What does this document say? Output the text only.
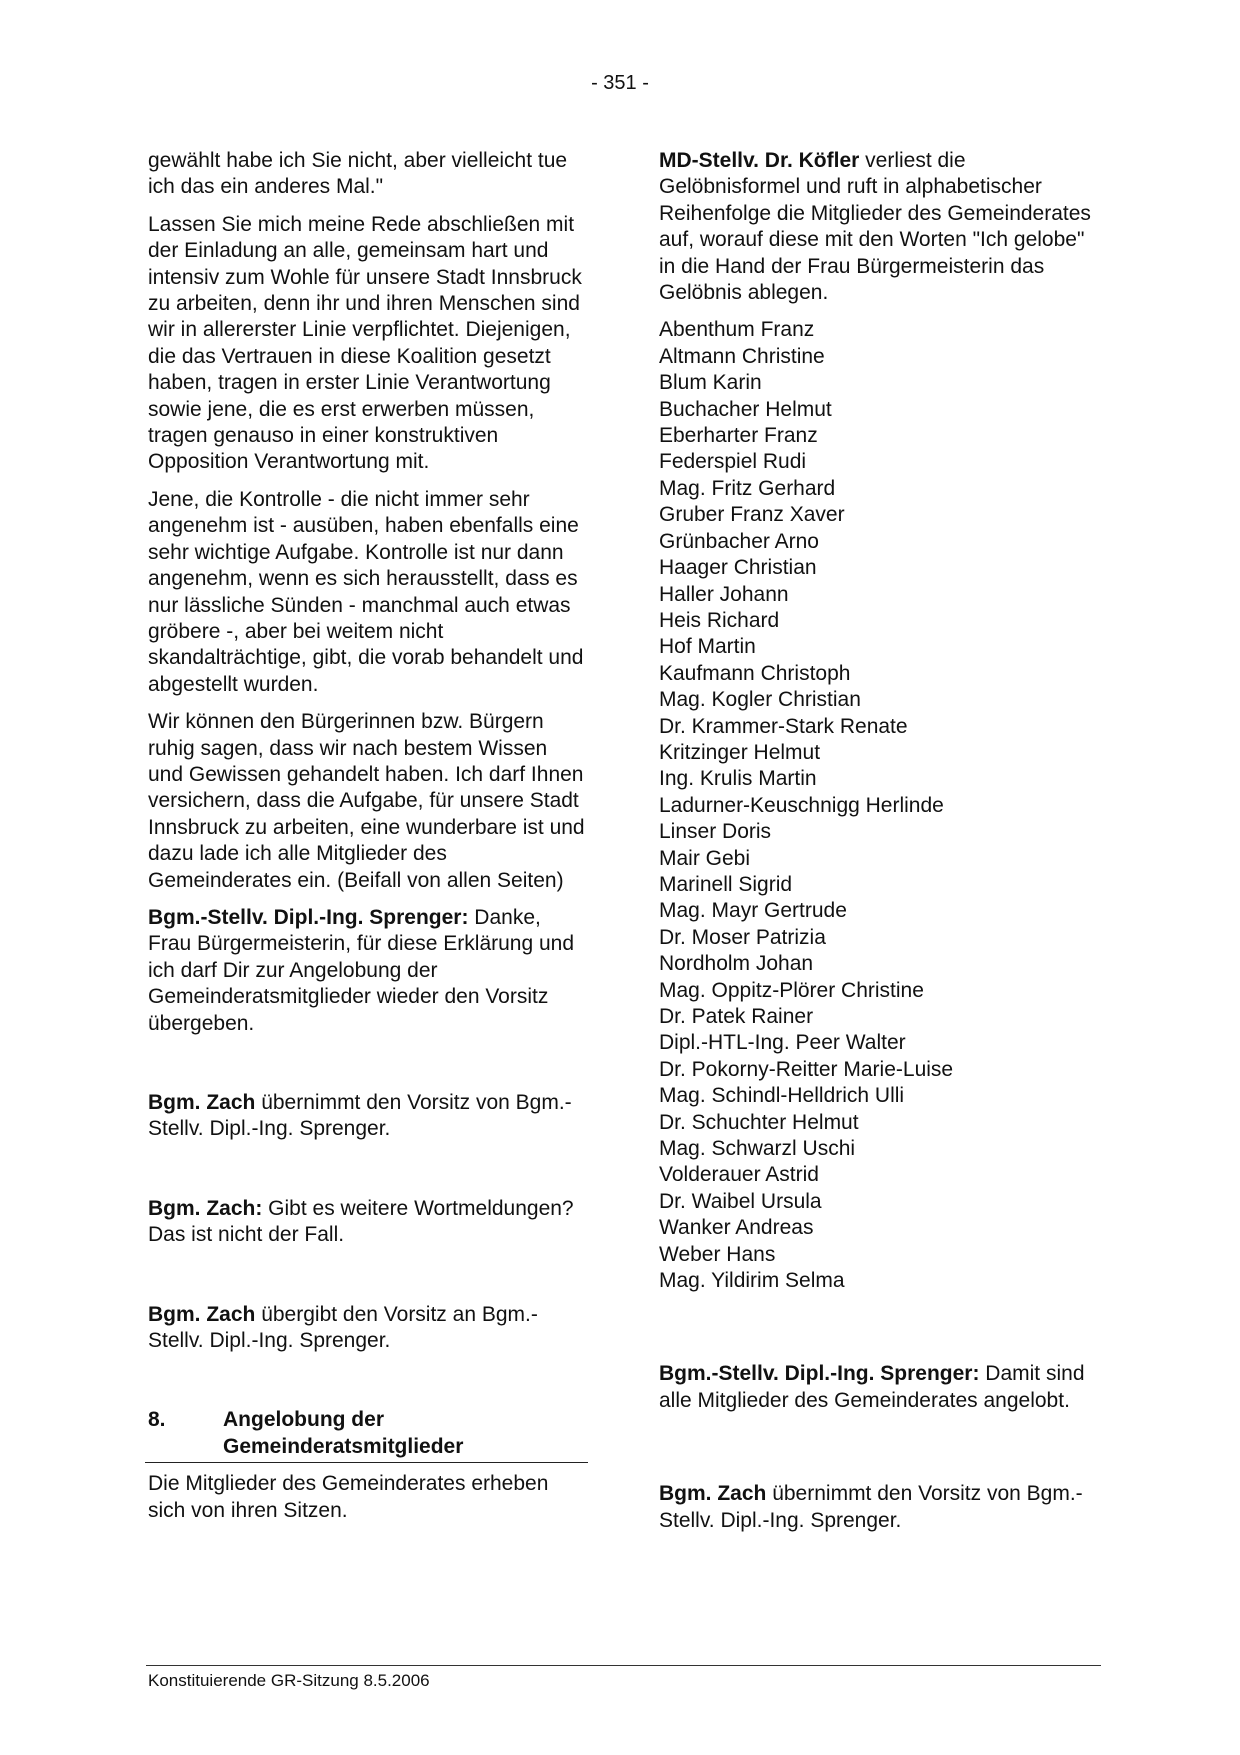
- 351 -

gewählt habe ich Sie nicht, aber vielleicht tue ich das ein anderes Mal."

Lassen Sie mich meine Rede abschließen mit der Einladung an alle, gemeinsam hart und intensiv zum Wohle für unsere Stadt Innsbruck zu arbeiten, denn ihr und ihren Menschen sind wir in allererster Linie verpflichtet. Diejenigen, die das Vertrauen in diese Koalition gesetzt haben, tragen in erster Linie Verantwortung sowie jene, die es erst erwerben müssen, tragen genauso in einer konstruktiven Opposition Verantwortung mit.

Jene, die Kontrolle - die nicht immer sehr angenehm ist - ausüben, haben ebenfalls eine sehr wichtige Aufgabe. Kontrolle ist nur dann angenehm, wenn es sich herausstellt, dass es nur lässliche Sünden - manchmal auch etwas gröbere -, aber bei weitem nicht skandalträchtige, gibt, die vorab behandelt und abgestellt wurden.

Wir können den Bürgerinnen bzw. Bürgern ruhig sagen, dass wir nach bestem Wissen und Gewissen gehandelt haben. Ich darf Ihnen versichern, dass die Aufgabe, für unsere Stadt Innsbruck zu arbeiten, eine wunderbare ist und dazu lade ich alle Mitglieder des Gemeinderates ein. (Beifall von allen Seiten)

Bgm.-Stellv. Dipl.-Ing. Sprenger: Danke, Frau Bürgermeisterin, für diese Erklärung und ich darf Dir zur Angelobung der Gemeinderatsmitglieder wieder den Vorsitz übergeben.

Bgm. Zach übernimmt den Vorsitz von Bgm.-Stellv. Dipl.-Ing. Sprenger.

Bgm. Zach: Gibt es weitere Wortmeldungen? Das ist nicht der Fall.

Bgm. Zach übergibt den Vorsitz an Bgm.-Stellv. Dipl.-Ing. Sprenger.

8.	Angelobung der Gemeinderatsmitglieder

Die Mitglieder des Gemeinderates erheben sich von ihren Sitzen.

MD-Stellv. Dr. Köfler verliest die Gelöbnisformel und ruft in alphabetischer Reihenfolge die Mitglieder des Gemeinderates auf, worauf diese mit den Worten "Ich gelobe" in die Hand der Frau Bürgermeisterin das Gelöbnis ablegen.

Abenthum Franz
Altmann Christine
Blum Karin
Buchacher Helmut
Eberharter Franz
Federspiel Rudi
Mag. Fritz Gerhard
Gruber Franz Xaver
Grünbacher Arno
Haager Christian
Haller Johann
Heis Richard
Hof Martin
Kaufmann Christoph
Mag. Kogler Christian
Dr. Krammer-Stark Renate
Kritzinger Helmut
Ing. Krulis Martin
Ladurner-Keuschnigg Herlinde
Linser Doris
Mair Gebi
Marinell Sigrid
Mag. Mayr Gertrude
Dr. Moser Patrizia
Nordholm Johan
Mag. Oppitz-Plörer Christine
Dr. Patek Rainer
Dipl.-HTL-Ing. Peer Walter
Dr. Pokorny-Reitter Marie-Luise
Mag. Schindl-Helldrich Ulli
Dr. Schuchter Helmut
Mag. Schwarzl Uschi
Volderauer Astrid
Dr. Waibel Ursula
Wanker Andreas
Weber Hans
Mag. Yildirim Selma

Bgm.-Stellv. Dipl.-Ing. Sprenger: Damit sind alle Mitglieder des Gemeinderates angelobt.

Bgm. Zach übernimmt den Vorsitz von Bgm.-Stellv. Dipl.-Ing. Sprenger.

Konstituierende GR-Sitzung 8.5.2006
